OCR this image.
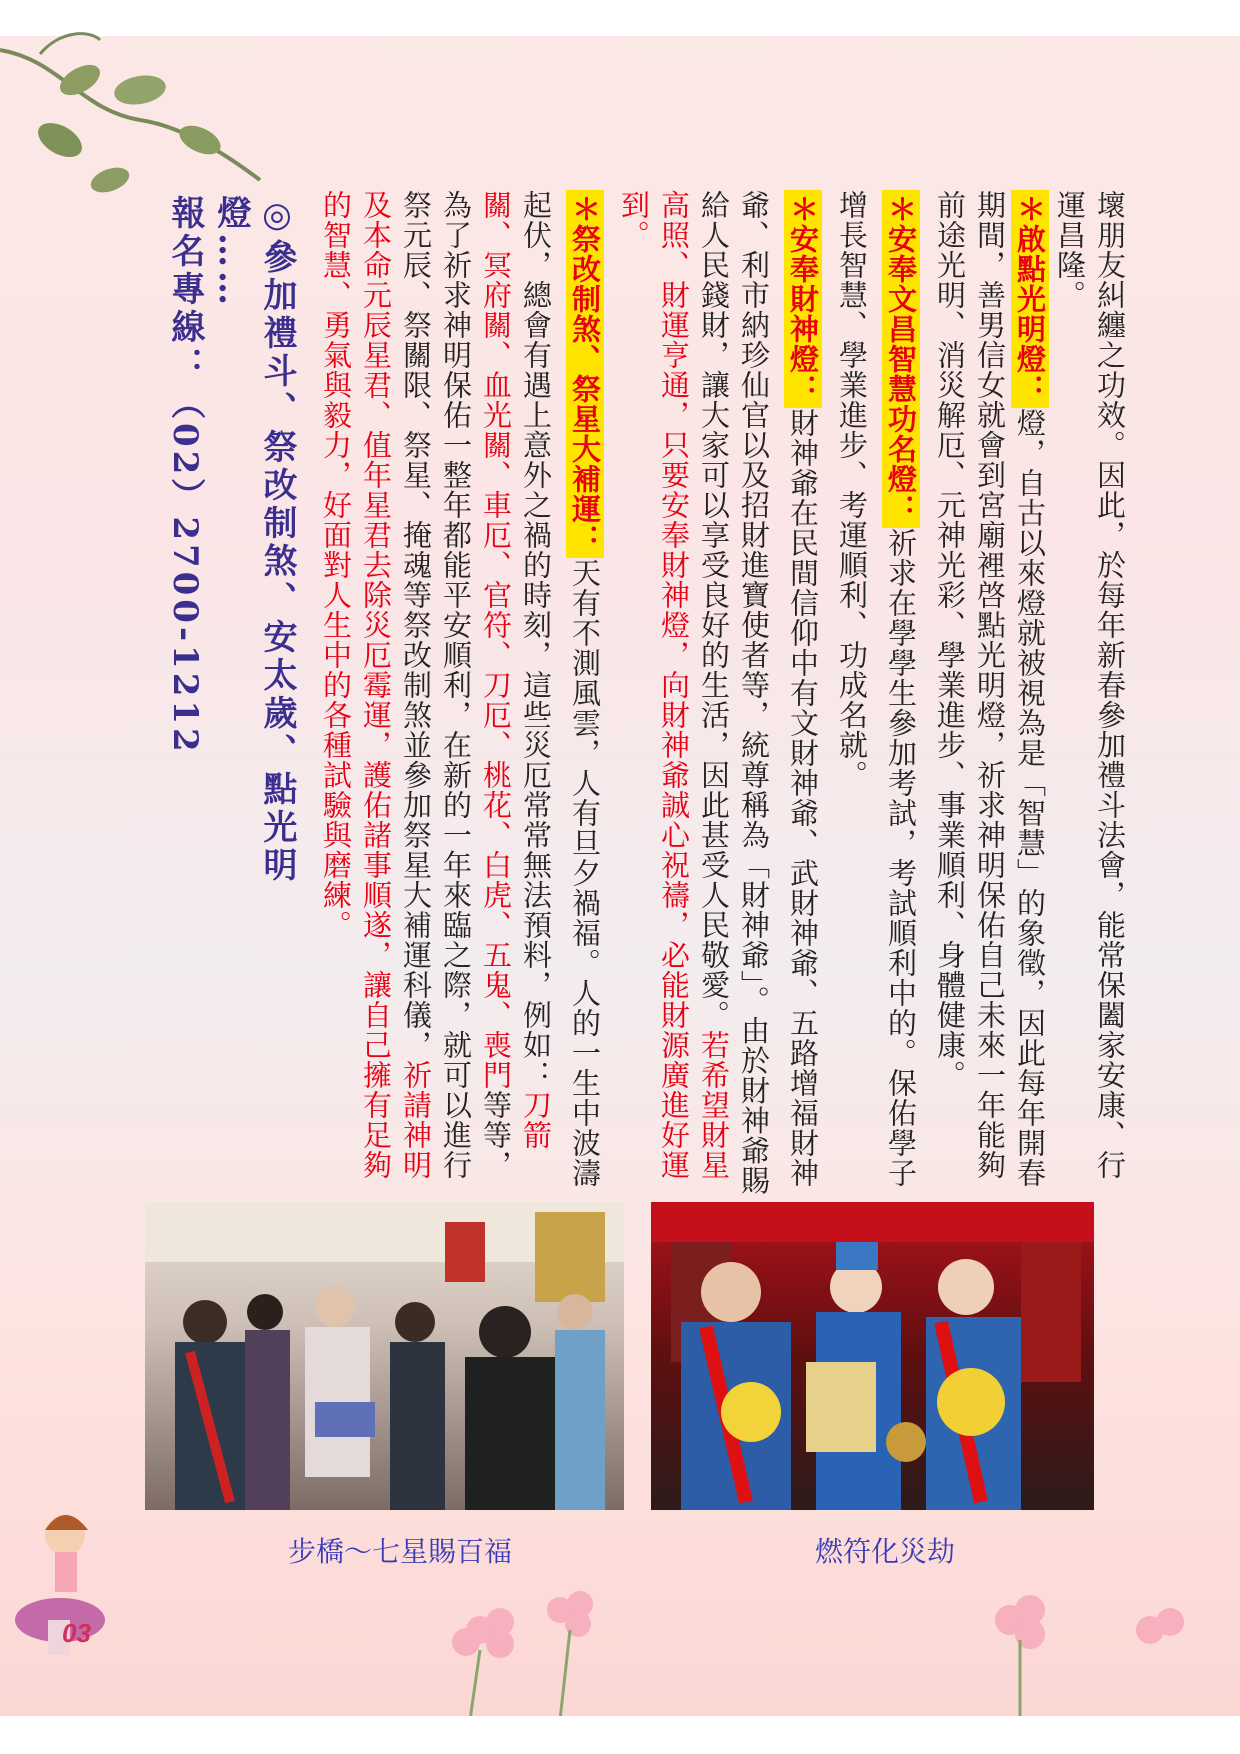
壞朋友糾纏之功效。因此，於每年新春參加禮斗法會，能常保闔家安康、行運昌隆。

＊啟點光明燈：燈，自古以來燈就被視為是「智慧」的象徵，因此每年開春期間，善男信女就會到宮廟裡啓點光明燈，祈求神明保佑自己未來一年能夠前途光明、消災解厄、元神光彩、學業進步、事業順利、身體健康。

＊安奉文昌智慧功名燈：祈求在學學生參加考試，考試順利中的。保佑學子增長智慧、學業進步、考運順利、功成名就。

＊安奉財神燈：財神爺在民間信仰中有文財神爺、武財神爺、五路增福財神爺、利市納珍仙官以及招財進寶使者等，統尊稱為「財神爺」。由於財神爺賜給人民錢財，讓大家可以享受良好的生活，因此甚受人民敬愛。若希望財星高照、財運亨通，只要安奉財神燈，向財神爺誠心祝禱，必能財源廣進好運到。

＊祭改制煞、祭星大補運：天有不測風雲，人有旦夕禍福。人的一生中波濤起伏，總會有遇上意外之禍的時刻，這些災厄常常無法預料，例如：刀箭關、冥府關、血光關、車厄、官符、刀厄、桃花、白虎、五鬼、喪門等等，為了祈求神明保佑一整年都能平安順利，在新的一年來臨之際，就可以進行祭元辰、祭關限、祭星、掩魂等祭改制煞並參加祭星大補運科儀，祈請神明及本命元辰星君、值年星君去除災厄霉運，護佑諸事順遂，讓自己擁有足夠的智慧、勇氣與毅力，好面對人生中的各種試驗與磨練。

◎參加禮斗、祭改制煞、安太歲、點光明燈……
報名專線：（02）2700-1212
步橋～七星賜百福	燃符化災劫
03
